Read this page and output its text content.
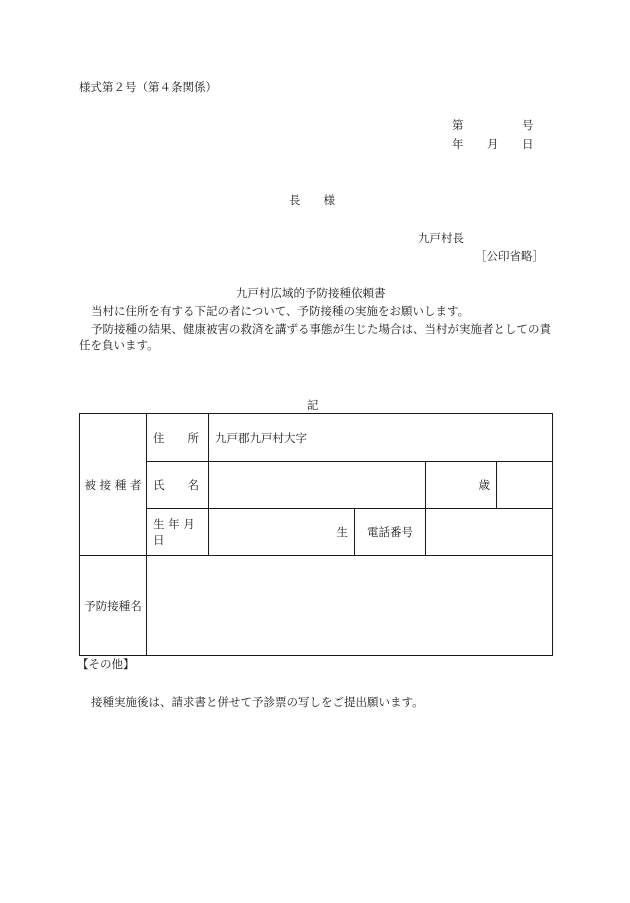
様式第２号（第４条関係）
第	号
年 月 日
長　　様
九戸村長
［公印省略］
九戸村広域的予防接種依頼書
当村に住所を有する下記の者について、予防接種の実施をお願いします。
予防接種の結果、健康被害の救済を講ずる事態が生じた場合は、当村が実施者としての責任を負います。
記
被 接 種 者	住　　所	九戸郡九戸村大字			
	氏　　名			歳	
	生 年 月 日	生	電話番号		
予防接種名					
【その他】
接種実施後は、請求書と併せて予診票の写しをご提出願います。
